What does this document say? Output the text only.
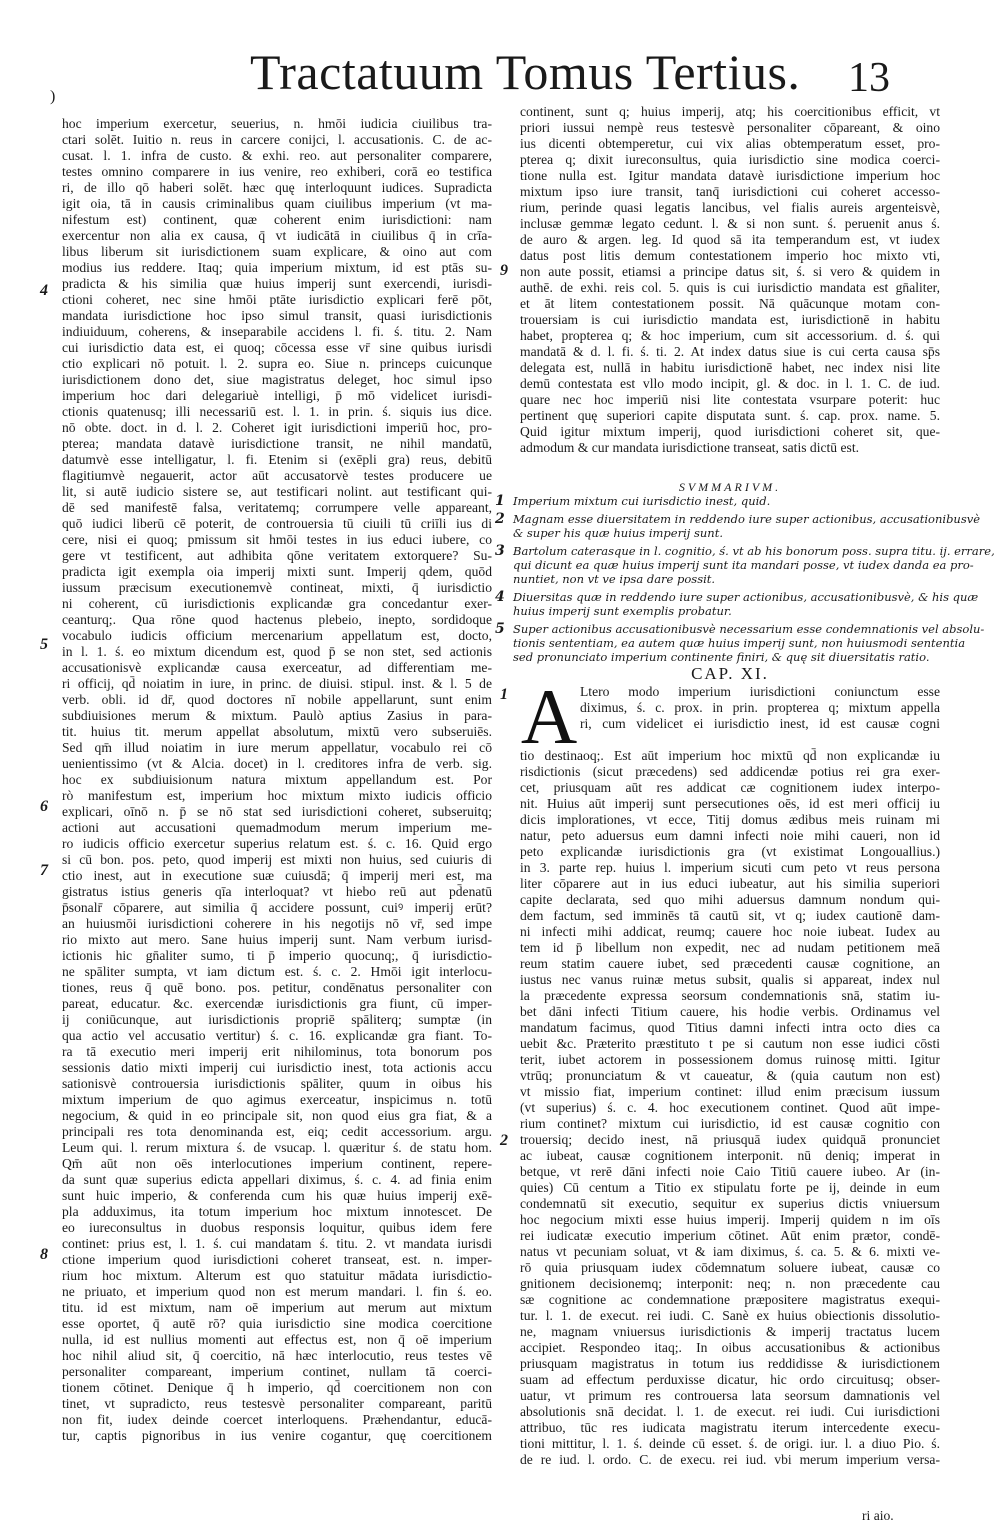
)	Tractatuum Tomus Tertius. 13
hoc imperium exercetur, seuerius, n. hmōi iudicia ciuilibus tra-
ctari solēt. Iuitio n. reus in carcere conijci, l. accusationis. C. de ac-
cusat. l. 1. infra de custo. & exhi. reo. aut personaliter comparere,
testes omnino comparere in ius venire, reo exhiberi, corā eo testifica
ri, de illo qō haberi solēt. hæc quę interloquunt iudices. Supradicta
igit oia, tā in causis criminalibus quam ciuilibus imperium (vt ma-
nifestum est) continent, quæ coherent enim iurisdictioni: nam
exercentur non alia ex causa, q̄ vt iudicātā in ciuilibus q̄ in crīa-
libus liberum sit iurisdictionem suam explicare, & oino aut com
modius ius reddere. Itaq; quia imperium mixtum, id est ptās su-
pradicta & his similia quæ huius imperij sunt exercendi, iurisdi-
ctioni coheret, nec sine hmōi ptāte iurisdictio explicari ferē pōt,
mandata iurisdictione hoc ipso simul transit, quasi iurisdictionis
indiuiduum, coherens, & inseparabile accidens l. fi. ś. titu. 2. Nam
cui iurisdictio data est, ei quoq; cōcessa esse vr̄ sine quibus iurisdi
ctio explicari nō potuit. l. 2. supra eo. Siue n. princeps cuicunque
iurisdictionem dono det, siue magistratus deleget, hoc simul ipso
imperium hoc dari delegariuè intelligi, p̄ mō videlicet iurisdi-
ctionis quatenusq; illi necessariū est. l. 1. in prin. ś. siquis ius dice.
nō obte. doct. in d. l. 2. Coheret igit iurisdictioni imperiū hoc, pro-
pterea; mandata datavè iurisdictione transit, ne nihil mandatū,
datumvè esse intelligatur, l. fi. Etenim si (exēpli gra) reus, debitū
flagitiumvè negauerit, actor aūt accusatorvè testes producere ue
lit, si autē iudicio sistere se, aut testificari nolint. aut testificant qui-
dē sed manifestē falsa, veritatemq; corrumpere velle appareant,
quō iudici liberū cē poterit, de controuersia tū ciuili tū criīli ius di
cere, nisi ei quoq; pmissum sit hmōi testes in ius educi iubere, co
gere vt testificent, aut adhibita qōne veritatem extorquere? Su-
pradicta igit exempla oia imperij mixti sunt. Imperij qdem, quōd
iussum præcisum executionemvè contineat, mixti, q̄ iurisdictio
ni coherent, cū iurisdictionis explicandæ gra concedantur exer-
ceanturq;. Qua rōne quod hactenus plebeio, inepto, sordidoque
vocabulo iudicis officium mercenarium appellatum est, docto,
in l. 1. ś. eo mixtum dicendum est, quod p̄ se non stet, sed actionis
accusationisvè explicandæ causa exerceatur, ad differentiam me-
ri officij, qd̄ noiatim in iure, in princ. de diuisi. stipul. inst. & l. 5 de
verb. obli. id dr̄, quod doctores nī nobile appellarunt, sunt enim
subdiuisiones merum & mixtum. Paulò aptius Zasius in para-
tit. huius tit. merum appellat absolutum, mixtū vero subseruiēs.
Sed qm̄ illud noiatim in iure merum appellatur, vocabulo rei cō
uenientissimo (vt & Alcia. docet) in l. creditores infra de verb. sig.
hoc ex subdiuisionum natura mixtum appellandum est. Por
rò manifestum est, imperium hoc mixtum mixto iudicis officio
explicari, oīnō n. p̄ se nō stat sed iurisdictioni coheret, subseruitq;
actioni aut accusationi quemadmodum merum imperium me-
ro iudicis officio exercetur superius relatum est. ś. c. 16. Quid ergo
si cū bon. pos. peto, quod imperij est mixti non huius, sed cuiuris di
ctio inest, aut in executione suæ cuiusdā; q̄ imperij meri est, ma
gistratus istius generis qīa interloquat? vt hiebo reū aut pd̄enatū
p̄sonalr̄ cōparere, aut similia q̄ accidere possunt, cuiꝰ imperij erūt?
an huiusmōi iurisdictioni coherere in his negotijs nō vr̄, sed impe
rio mixto aut mero. Sane huius imperij sunt. Nam verbum iurisd-
ictionis hic gn̄aliter sumo, ti p̄ imperio quocunq;, q̄ iurisdictio-
ne spāliter sumpta, vt iam dictum est. ś. c. 2. Hmōi igit interlocu-
tiones, reus q̄ quē bono. pos. petitur, condēnatus personaliter con
pareat, educatur. &c. exercendæ iurisdictionis gra fiunt, cū imper-
ij coniūcunque, aut iurisdictionis propriē spāliterq; sumptæ (in
qua actio vel accusatio vertitur) ś. c. 16. explicandæ gra fiant. To-
ra tā executio meri imperij erit nihilominus, tota bonorum pos
sessionis datio mixti imperij cui iurisdictio inest, tota actionis accu
sationisvè controuersia iurisdictionis spāliter, quum in oibus his
mixtum imperium de quo agimus exerceatur, inspicimus n. totū
negocium, & quid in eo principale sit, non quod eius gra fiat, & a
principali res tota denominanda est, eiq; cedit accessorium. argu.
Leum qui. l. rerum mixtura ś. de vsucap. l. quæritur ś. de statu hom.
Qm̄ aūt non oēs interlocutiones imperium continent, repere-
da sunt quæ superius edicta appellari diximus, ś. c. 4. ad finia enim
sunt huic imperio, & conferenda cum his quæ huius imperij exē-
pla adduximus, ita totum imperium hoc mixtum innotescet. De
eo iureconsultus in duobus responsis loquitur, quibus idem fere
continet: prius est, l. 1. ś. cui mandatam ś. titu. 2. vt mandata iurisdi
ctione imperium quod iurisdictioni coheret transeat, est. n. imper-
rium hoc mixtum. Alterum est quo statuitur mādata iurisdictio-
ne priuato, et imperium quod non est merum mandari. l. fin ś. eo.
titu. id est mixtum, nam oē imperium aut merum aut mixtum
esse oportet, q̄ autē rō? quia iurisdictio sine modica coercitione
nulla, id est nullius momenti aut effectus est, non q̄ oē imperium
hoc nihil aliud sit, q̄ coercitio, nā hæc interlocutio, reus testes vē
personaliter compareant, imperium continet, nullam tā coerci-
tionem cōtinet. Denique q̄ h imperio, qd̄ coercitionem non con
tinet, vt supradicto, reus testesvè personaliter compareant, paritū
non fit, iudex deinde coercet interloquens. Præhendantur, educā-
tur, captis pignoribus in ius venire cogantur, quę coercitionem
continent, sunt q; huius imperij, atq; his coercitionibus efficit, vt
priori iussui nempè reus testesvè personaliter cōpareant, & oino
ius dicenti obtemperetur, cui vix alias obtemperatum esset, pro-
pterea q; dixit iureconsultus, quia iurisdictio sine modica coerci-
tione nulla est. Igitur mandata datavè iurisdictione imperium hoc
mixtum ipso iure transit, tanq̄ iurisdictioni cui coheret accesso-
rium, perinde quasi legatis lancibus, vel fialis aureis argenteisvè,
inclusæ gemmæ legato cedunt. l. & si non sunt. ś. peruenit anus ś.
de auro & argen. leg. Id quod sā ita temperandum est, vt iudex
datus post litis demum contestationem imperio hoc mixto vti,
non aute possit, etiamsi a principe datus sit, ś. si vero & quidem in
authē. de exhi. reis col. 5. quis is cui iurisdictio mandata est gn̄aliter,
et āt litem contestationem possit. Nā quācunque motam con-
trouersiam is cui iurisdictio mandata est, iurisdictionē in habitu
habet, propterea q; & hoc imperium, cum sit accessorium. d. ś. qui
mandatā & d. l. fi. ś. ti. 2. At index datus siue is cui certa causa sp̄s
delegata est, nullā in habitu iurisdictionē habet, nec index nisi lite
demū contestata est vllo modo incipit, gl. & doc. in l. 1. C. de iud.
quare nec hoc imperiū nisi lite contestata vsurpare poterit: huc
pertinent quę superiori capite disputata sunt. ś. cap. prox. name. 5.
Quid igitur mixtum imperij, quod iurisdictioni coheret sit, que-
admodum & cur mandata iurisdictione transeat, satis dictū est.
SVMMARIVM.
1 Imperium mixtum cui iurisdictio inest, quid.
2 Magnam esse diuersitatem in reddendo iure super actionibus, accusationibusvè
& super his quæ huius imperij sunt.
3 Bartolum caterasque in l. cognitio, ś. vt ab his bonorum poss. supra titu. ij. errare,
qui dicunt ea quæ huius imperij sunt ita mandari posse, vt iudex danda ea pro-
nuntiet, non vt ve ipsa dare possit.
4 Diuersitas quæ in reddendo iure super actionibus, accusationibusvè, & his quæ
huius imperij sunt exemplis probatur.
5 Super actionibus accusationibusvè necessarium esse condemnationis vel absolu-
tionis sententiam, ea autem quæ huius imperij sunt, non huiusmodi sententia
sed pronunciato imperium continente finiri, & quę sit diuersitatis ratio.
CAP. XI.
A Ltero modo imperium iurisdictioni coniunctum esse
diximus, ś. c. prox. in prin. propterea q; mixtum appella
ri, cum videlicet ei iurisdictio inest, id est causæ cogni
tio destinaoq;. Est aūt imperium hoc mixtū qd̄ non explicandæ iu
risdictionis (sicut præcedens) sed addicendæ potius rei gra exer-
cet, priusquam aūt res addicat cæ cognitionem iudex interpo-
nit. Huius aūt imperij sunt persecutiones oēs, id est meri officij iu
dicis implorationes, vt ecce, Titij domus ædibus meis ruinam mi
natur, peto aduersus eum damni infecti noie mihi caueri, non id
peto explicandæ iurisdictionis gra (vt existimat Longouallius.)
in 3. parte rep. huius l. imperium sicuti cum peto vt reus persona
liter cōparere aut in ius educi iubeatur, aut his similia superiori
capite declarata, sed quo mihi aduersus damnum nondum qui-
dem factum, sed imminēs tā cautū sit, vt q; iudex cautionē dam-
ni infecti mihi addicat, reumq; cauere hoc noie iubeat. Iudex au
tem id p̄ libellum non expedit, nec ad nudam petitionem meā
reum statim cauere iubet, sed præcedenti causæ cognitione, an
iustus nec vanus ruinæ metus subsit, qualis si appareat, index nul
la præcedente expressa seorsum condemnationis snā, statim iu-
bet dāni infecti Titium cauere, his hodie verbis. Ordinamus vel
mandatum facimus, quod Titius damni infecti intra octo dies ca
uebit &c. Præterito præstituto t pe si cautum non esse iudici cōsti
terit, iubet actorem in possessionem domus ruinosę mitti. Igitur
vtrūq; pronunciatum & vt caueatur, & (quia cautum non est)
vt missio fiat, imperium continet: illud enim præcisum iussum
(vt superius) ś. c. 4. hoc executionem continet. Quod aūt impe-
rium continet? mixtum cui iurisdictio, id est causæ cognitio con
trouersiq; decido inest, nā priusquā iudex quidquā pronunciet
ac iubeat, causæ cognitionem interponit. nū deniq; imperat in
betque, vt rerē dāni infecti noie Caio Titiū cauere iubeo. Ar (in-
quies) Cū centum a Titio ex stipulatu forte pe ij, deinde in eum
condemnatū sit executio, sequitur ex superius dictis vniuersum
hoc negocium mixti esse huius imperij. Imperij quidem n im oīs
rei iudicatæ executio imperium cōtinet. Aūt enim prætor, condē-
natus vt pecuniam soluat, vt & iam diximus, ś. ca. 5. & 6. mixti ve-
rō quia priusquam iudex cōdemnatum soluere iubeat, causæ co
gnitionem decisionemq; interponit: neq; n. non præcedente cau
sæ cognitione ac condemnatione præpositere magistratus exequi-
tur. l. 1. de execut. rei iudi. C. Sanè ex huius obiectionis dissolutio-
ne, magnam vniuersus iurisdictionis & imperij tractatus lucem
accipiet. Respondeo itaq;. In oibus accusationibus & actionibus
priusquam magistratus in totum ius reddidisse & iurisdictionem
suam ad effectum perduxisse dicatur, hic ordo circuitusq; obser-
uatur, vt primum res controuersa lata seorsum damnationis vel
absolutionis snā decidat. l. 1. de execut. rei iudi. Cui iurisdictioni
attribuo, tūc res iudicata magistratu iterum intercedente execu-
tioni mittitur, l. 1. ś. deinde cū esset. ś. de origi. iur. l. a diuo Pio. ś.
de re iud. l. ordo. C. de execu. rei iud. vbi merum imperium versa-
ri aio.
4
5
6
7
8
9
1
2
